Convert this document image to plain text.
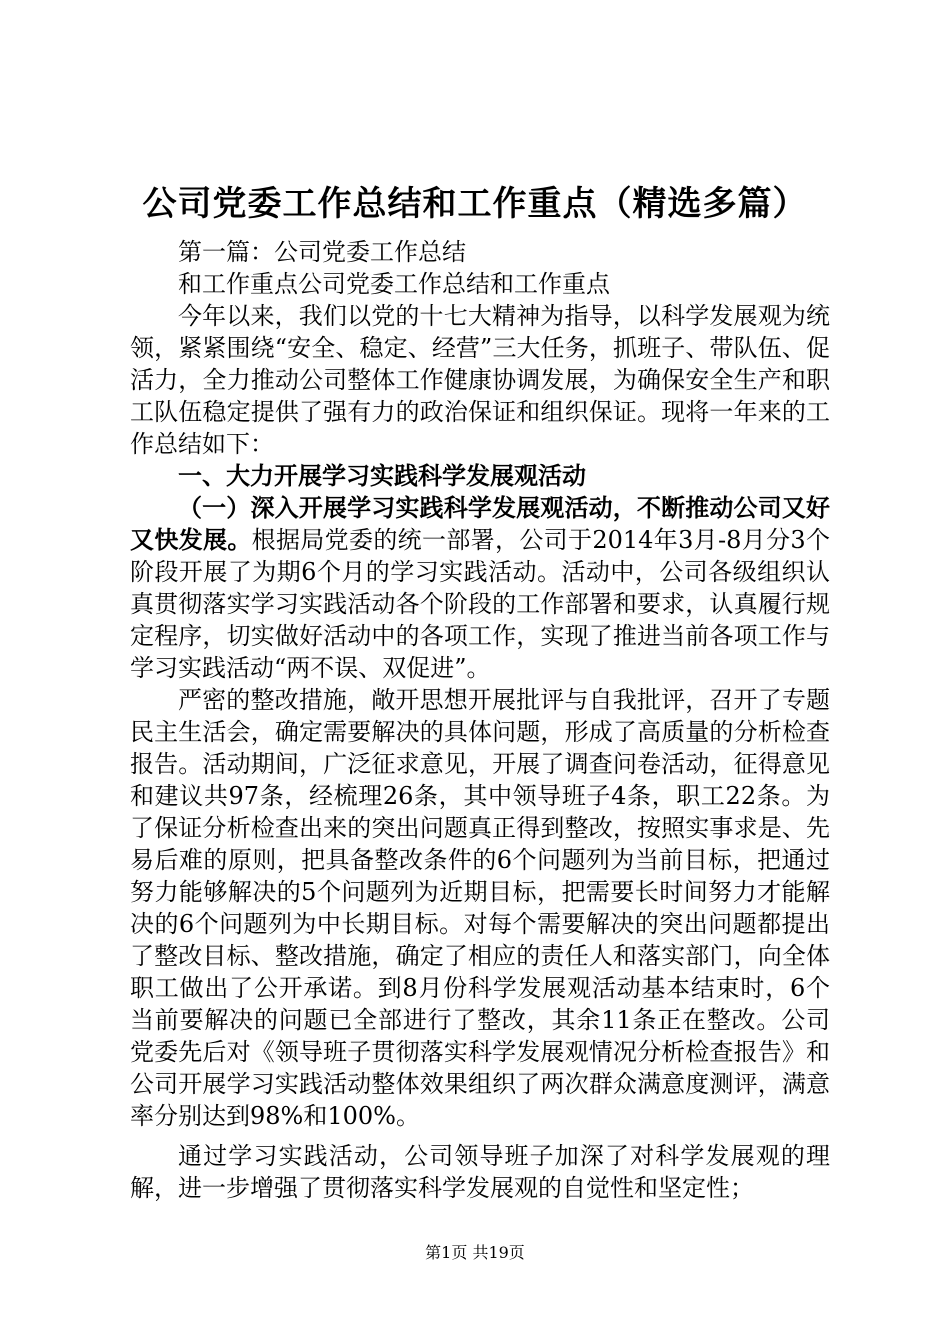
公司党委工作总结和工作重点（精选多篇）

第一篇：公司党委工作总结

和工作重点公司党委工作总结和工作重点

今年以来，我们以党的十七大精神为指导，以科学发展观为统领，紧紧围绕“安全、稳定、经营”三大任务，抓班子、带队伍、促活力，全力推动公司整体工作健康协调发展，为确保安全生产和职工队伍稳定提供了强有力的政治保证和组织保证。现将一年来的工作总结如下：

一、大力开展学习实践科学发展观活动

（一）深入开展学习实践科学发展观活动，不断推动公司又好又快发展。根据局党委的统一部署，公司于2014年3月-8月分3个阶段开展了为期6个月的学习实践活动。活动中，公司各级组织认真贯彻落实学习实践活动各个阶段的工作部署和要求，认真履行规定程序，切实做好活动中的各项工作，实现了推进当前各项工作与学习实践活动“两不误、双促进”。

严密的整改措施，敞开思想开展批评与自我批评，召开了专题民主生活会，确定需要解决的具体问题，形成了高质量的分析检查报告。活动期间，广泛征求意见，开展了调查问卷活动，征得意见和建议共97条，经梳理26条，其中领导班子4条，职工22条。为了保证分析检查出来的突出问题真正得到整改，按照实事求是、先易后难的原则，把具备整改条件的6个问题列为当前目标，把通过努力能够解决的5个问题列为近期目标，把需要长时间努力才能解决的6个问题列为中长期目标。对每个需要解决的突出问题都提出了整改目标、整改措施，确定了相应的责任人和落实部门，向全体职工做出了公开承诺。到8月份科学发展观活动基本结束时，6个当前要解决的问题已全部进行了整改，其余11条正在整改。公司党委先后对《领导班子贯彻落实科学发展观情况分析检查报告》和公司开展学习实践活动整体效果组织了两次群众满意度测评，满意率分别达到98%和100%。

通过学习实践活动，公司领导班子加深了对科学发展观的理解，进一步增强了贯彻落实科学发展观的自觉性和坚定性；

第1页 共19页
